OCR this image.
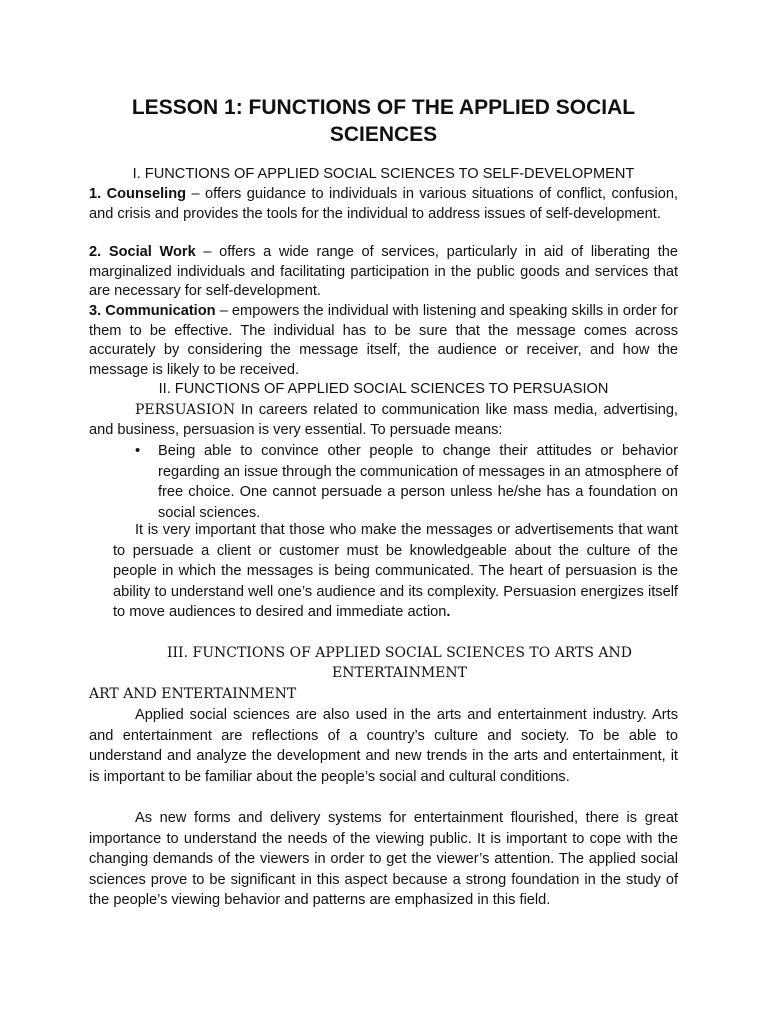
LESSON 1: FUNCTIONS OF THE APPLIED SOCIAL SCIENCES

I. FUNCTIONS OF APPLIED SOCIAL SCIENCES TO SELF-DEVELOPMENT

1. Counseling – offers guidance to individuals in various situations of conflict, confusion, and crisis and provides the tools for the individual to address issues of self-development.

2. Social Work – offers a wide range of services, particularly in aid of liberating the marginalized individuals and facilitating participation in the public goods and services that are necessary for self-development.

3. Communication – empowers the individual with listening and speaking skills in order for them to be effective. The individual has to be sure that the message comes across accurately by considering the message itself, the audience or receiver, and how the message is likely to be received.

II. FUNCTIONS OF APPLIED SOCIAL SCIENCES TO PERSUASION

PERSUASION In careers related to communication like mass media, advertising, and business, persuasion is very essential. To persuade means:

• Being able to convince other people to change their attitudes or behavior regarding an issue through the communication of messages in an atmosphere of free choice. One cannot persuade a person unless he/she has a foundation on social sciences.

It is very important that those who make the messages or advertisements that want to persuade a client or customer must be knowledgeable about the culture of the people in which the messages is being communicated. The heart of persuasion is the ability to understand well one’s audience and its complexity. Persuasion energizes itself to move audiences to desired and immediate action.

III. FUNCTIONS OF APPLIED SOCIAL SCIENCES TO ARTS AND ENTERTAINMENT

ART AND ENTERTAINMENT

Applied social sciences are also used in the arts and entertainment industry. Arts and entertainment are reflections of a country’s culture and society. To be able to understand and analyze the development and new trends in the arts and entertainment, it is important to be familiar about the people’s social and cultural conditions.

As new forms and delivery systems for entertainment flourished, there is great importance to understand the needs of the viewing public. It is important to cope with the changing demands of the viewers in order to get the viewer’s attention. The applied social sciences prove to be significant in this aspect because a strong foundation in the study of the people’s viewing behavior and patterns are emphasized in this field.
